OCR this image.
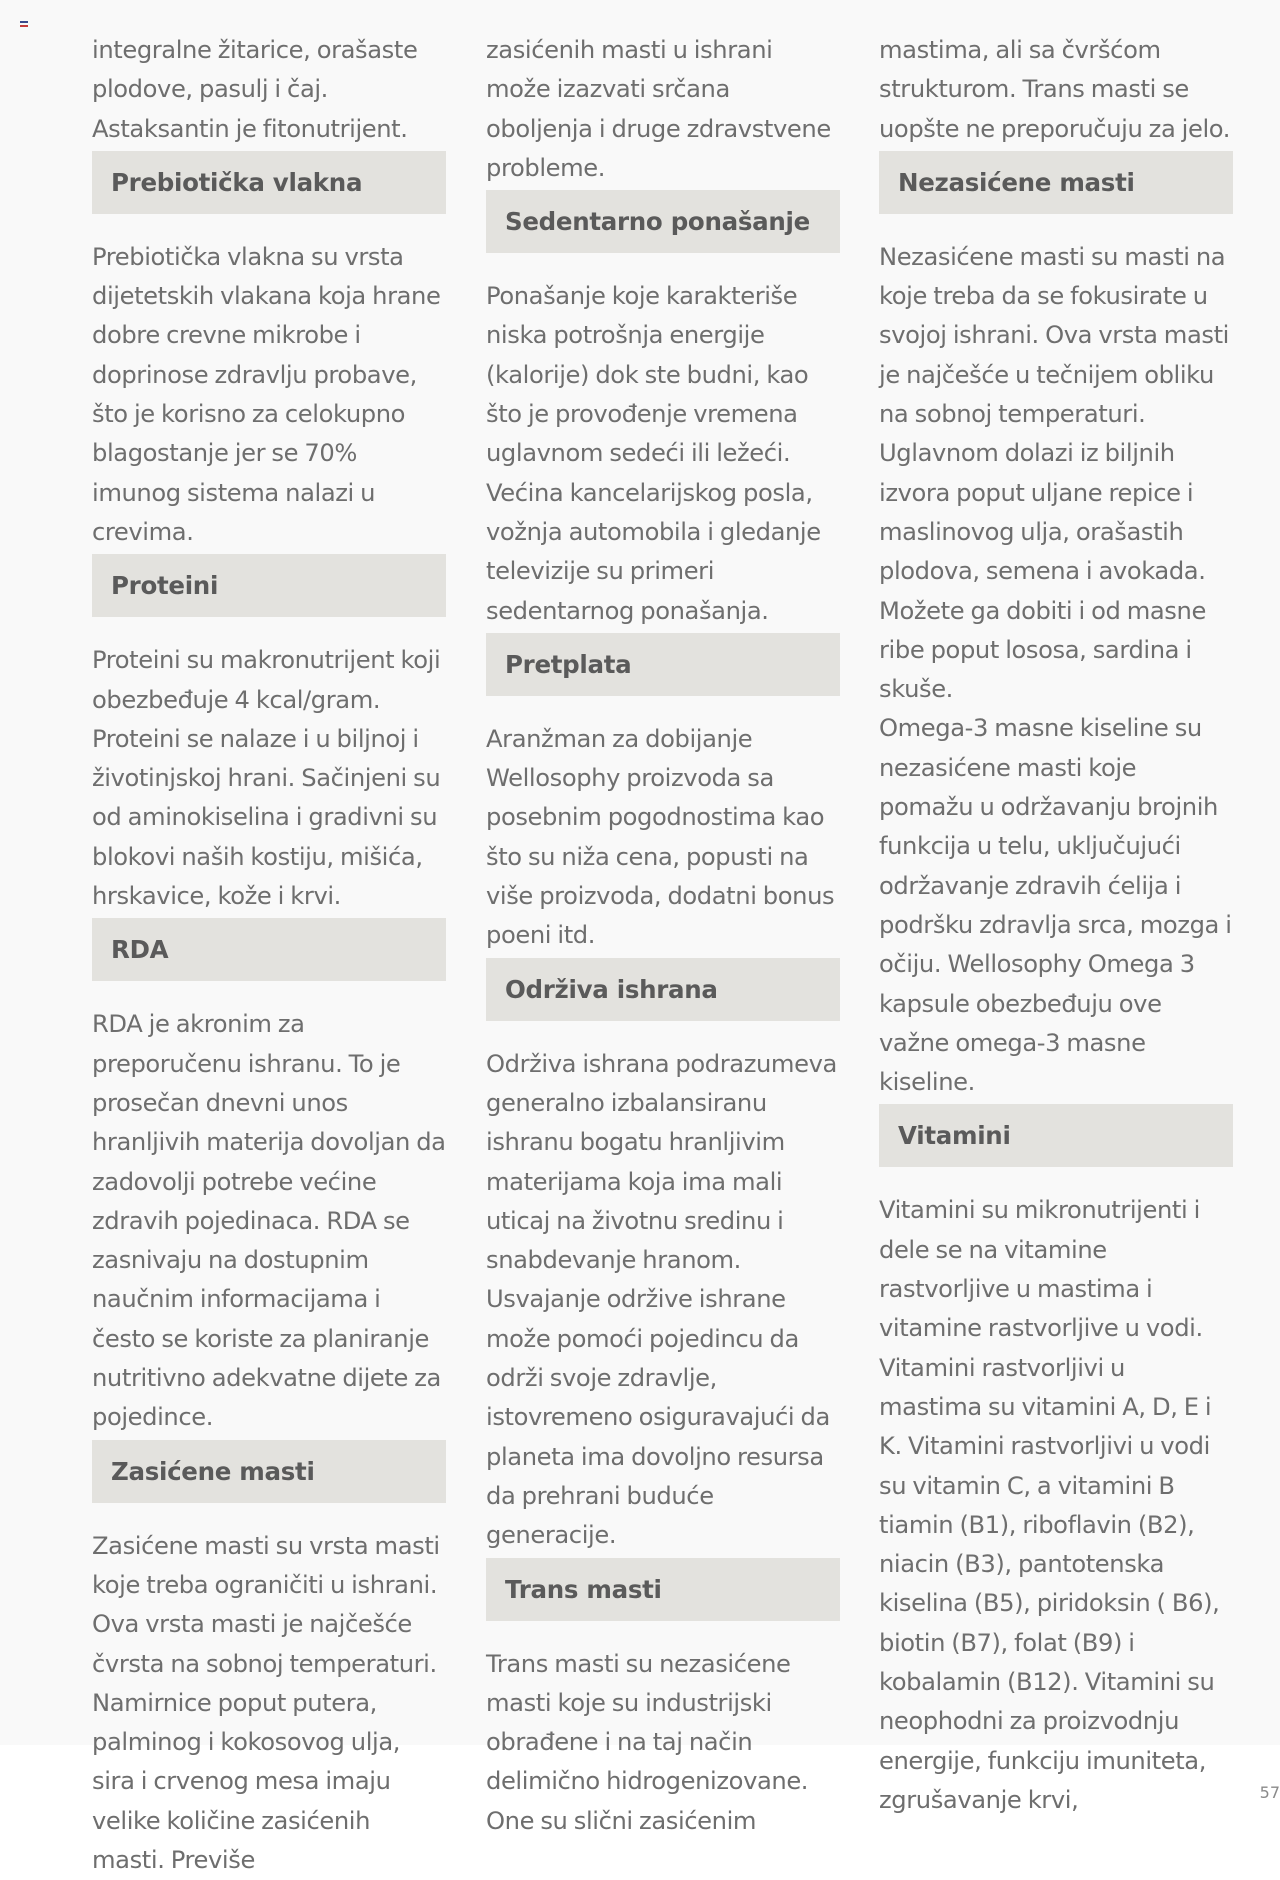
integralne žitarice, orašaste plodove, pasulj i čaj. Astaksantin je fitonutrijent.

Prebiotička vlakna

Prebiotička vlakna su vrsta dijetetskih vlakana koja hrane dobre crevne mikrobe i doprinose zdravlju probave, što je korisno za celokupno blagostanje jer se 70% imunog sistema nalazi u crevima.

Proteini

Proteini su makronutrijent koji obezbeđuje 4 kcal/gram. Proteini se nalaze i u biljnoj i životinjskoj hrani. Sačinjeni su od aminokiselina i gradivni su blokovi naših kostiju, mišića, hrskavice, kože i krvi.

RDA

RDA je akronim za preporučenu ishranu. To je prosečan dnevni unos hranljivih materija dovoljan da zadovolji potrebe većine zdravih pojedinaca. RDA se zasnivaju na dostupnim naučnim informacijama i često se koriste za planiranje nutritivno adekvatne dijete za pojedince.

Zasićene masti

Zasićene masti su vrsta masti koje treba ograničiti u ishrani. Ova vrsta masti je najčešće čvrsta na sobnoj temperaturi. Namirnice poput putera, palminog i kokosovog ulja, sira i crvenog mesa imaju velike količine zasićenih masti. Previše

zasićenih masti u ishrani može izazvati srčana oboljenja i druge zdravstvene probleme.

Sedentarno ponašanje

Ponašanje koje karakteriše niska potrošnja energije (kalorije) dok ste budni, kao što je provođenje vremena uglavnom sedeći ili ležeći. Većina kancelarijskog posla, vožnja automobila i gledanje televizije su primeri sedentarnog ponašanja.

Pretplata

Aranžman za dobijanje Wellosophy proizvoda sa posebnim pogodnostima kao što su niža cena, popusti na više proizvoda, dodatni bonus poeni itd.

Održiva ishrana

Održiva ishrana podrazumeva generalno izbalansiranu ishranu bogatu hranljivim materijama koja ima mali uticaj na životnu sredinu i snabdevanje hranom. Usvajanje održive ishrane može pomoći pojedincu da održi svoje zdravlje, istovremeno osiguravajući da planeta ima dovoljno resursa da prehrani buduće generacije.

Trans masti

Trans masti su nezasićene masti koje su industrijski obrađene i na taj način delimično hidrogenizovane. One su slični zasićenim

mastima, ali sa čvršćom strukturom. Trans masti se uopšte ne preporučuju za jelo.

Nezasićene masti

Nezasićene masti su masti na koje treba da se fokusirate u svojoj ishrani. Ova vrsta masti je najčešće u tečnijem obliku na sobnoj temperaturi. Uglavnom dolazi iz biljnih izvora poput uljane repice i maslinovog ulja, orašastih plodova, semena i avokada. Možete ga dobiti i od masne ribe poput lososa, sardina i skuše.

Omega-3 masne kiseline su nezasićene masti koje pomažu u održavanju brojnih funkcija u telu, uključujući održavanje zdravih ćelija i podršku zdravlja srca, mozga i očiju. Wellosophy Omega 3 kapsule obezbeđuju ove važne omega-3 masne kiseline.

Vitamini

Vitamini su mikronutrijenti i dele se na vitamine rastvorljive u mastima i vitamine rastvorljive u vodi. Vitamini rastvorljivi u mastima su vitamini A, D, E i K. Vitamini rastvorljivi u vodi su vitamin C, a vitamini B tiamin (B1), riboflavin (B2), niacin (B3), pantotenska kiselina (B5), piridoksin ( B6), biotin (B7), folat (B9) i kobalamin (B12). Vitamini su neophodni za proizvodnju energije, funkciju imuniteta, zgrušavanje krvi,	57
